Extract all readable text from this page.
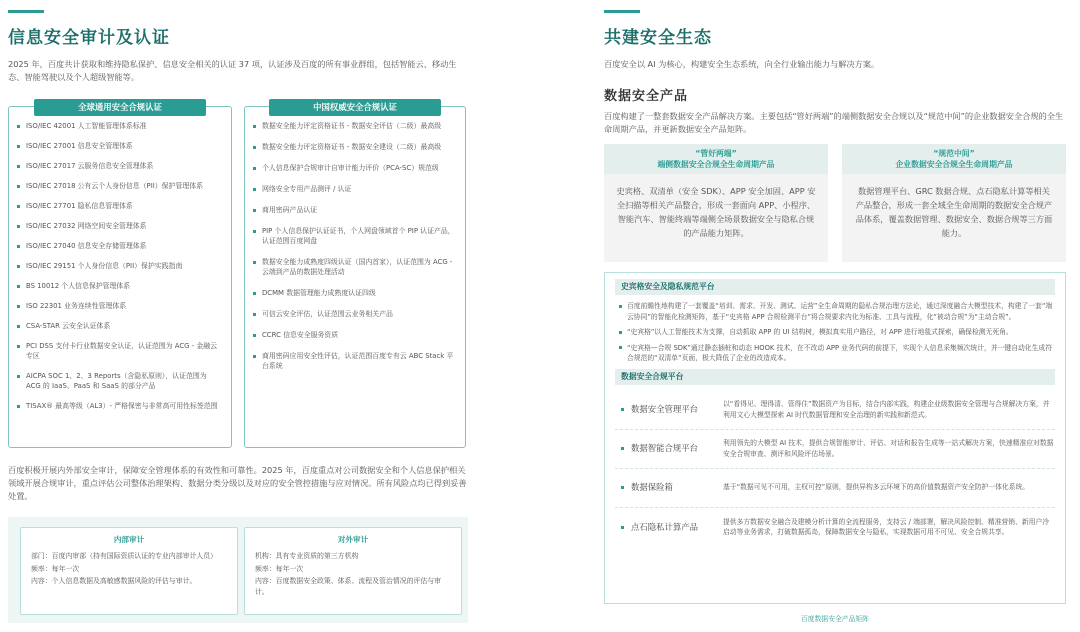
信息安全审计及认证

2025 年，百度共计获取和维持隐私保护、信息安全相关的认证 37 项，认证涉及百度的所有事业群组，包括智能云、移动生态、智能驾驶以及个人超级智能等。

全球通用安全合规认证
ISO/IEC 42001 人工智能管理体系标准
ISO/IEC 27001 信息安全管理体系
ISO/IEC 27017 云服务信息安全管理体系
ISO/IEC 27018 公有云个人身份信息（PII）保护管理体系
ISO/IEC 27701 隐私信息管理体系
ISO/IEC 27032 网络空间安全管理体系
ISO/IEC 27040 信息安全存储管理体系
ISO/IEC 29151 个人身份信息（PII）保护实践指南
BS 10012 个人信息保护管理体系
ISO 22301 业务连续性管理体系
CSA-STAR 云安全认证体系
PCI DSS 支付卡行业数据安全认证，认证范围为 ACG - 金融云专区
AICPA SOC 1、2、3 Reports（含隐私原则），认证范围为 ACG 的 IaaS、PaaS 和 SaaS 的部分产品
TISAX® 最高等级（AL3）- 严格保密与非常高可用性标签范围
中国权威安全合规认证
数据安全能力评定资格证书 - 数据安全评估（二级）最高级
数据安全能力评定资格证书 - 数据安全建设（二级）最高级
个人信息保护合规审计自审计能力评价（PCA-SC）规范级
网络安全专用产品测评 / 认证
商用密码产品认证
PIP 个人信息保护认证证书，个人网盘领域首个 PIP 认证产品，认证范围百度网盘
数据安全能力成熟度四级认证（国内首家），认证范围为 ACG - 云端到产品的数据处理活动
DCMM 数据管理能力成熟度认证四级
可信云安全评估，认证范围云业务相关产品
CCRC 信息安全服务资质
商用密码应用安全性评估，认证范围百度专有云 ABC Stack 平台系统

百度积极开展内外部安全审计，保障安全管理体系的有效性和可靠性。2025 年，百度重点对公司数据安全和个人信息保护相关领域开展合规审计，重点评估公司整体治理架构、数据分类分级以及对应的安全管控措施与应对情况。所有风险点均已得到妥善处置。

内部审计
部门：百度内审部（持有国际资质认证的专业内部审计人员）
频率：每年一次
内容：个人信息数据及高敏感数据风险的评估与审计。
对外审计
机构：具有专业资质的第三方机构
频率：每年一次
内容：百度数据安全政策、体系、流程及管治情况的评估与审计。
共建安全生态

百度安全以 AI 为核心，构建安全生态系统，向全行业输出能力与解决方案。

数据安全产品

百度构建了一整套数据安全产品解决方案。主要包括“管好两端”的端侧数据安全合规以及“规范中间”的企业数据安全合规的全生命周期产品，并更新数据安全产品矩阵。

“管好两端”
端侧数据安全合规全生命周期产品
史宾格、双清单（安全 SDK）、APP 安全加固、APP 安全扫描等相关产品整合，形成一套面向 APP、小程序、智能汽车、智能终端等端侧全场景数据安全与隐私合规的产品能力矩阵。
“规范中间”
企业数据安全合规全生命周期产品
数据管理平台、GRC 数据合规、点石隐私计算等相关产品整合，形成一套全域全生命周期的数据安全合规产品体系，覆盖数据管理、数据安全、数据合规等三方面能力。
史宾格安全及隐私规范平台
百度前瞻性地构建了一套覆盖“培训、需求、开发、测试、运营”全生命周期的隐私合规治理方法论，通过深度融合大模型技术，构建了一套“端云协同”的智能化检测矩阵，基于“史宾格 APP 合规检测平台”将合规要求内化为标准、工具与流程，化“被动合规”为“主动合规”。
“史宾格”以人工智能技术为支撑，自动抓取 APP 的 UI 结构树，模拟真实用户路径，对 APP 进行地毯式探索，确保检测无死角。
“史宾格—合规 SDK”通过静态插桩和动态 HOOK 技术，在不改动 APP 业务代码的前提下，实现个人信息采集频次统计，并一键自动化生成符合规范的“双清单”页面，极大降低了企业的改造成本。
数据安全合规平台
数据安全管理平台	以“看得见、理得清、管得住”数据资产为目标，结合内部实践，构建企业级数据安全管理与合规解决方案，并利用文心大模型探索 AI 时代数据管理和安全治理的新实践和新范式。
数据智能合规平台	利用领先的大模型 AI 技术，提供合规智能审计、评估、对话和报告生成等一站式解决方案，快速精准应对数据安全合规审查、测评和风险评估场景。
数据保险箱	基于“数据可见不可用，主权可控”原则，提供异构多云环境下的高价值数据资产安全防护一体化系统。
点石隐私计算产品	提供多方数据安全融合及建模分析计算的全流程服务，支持云 / 端部署，解决风险控制、精准营销、新用户冷启动等业务需求，打破数据孤岛，保障数据安全与隐私，实现数据可用不可见、安全合规共享。
百度数据安全产品矩阵
